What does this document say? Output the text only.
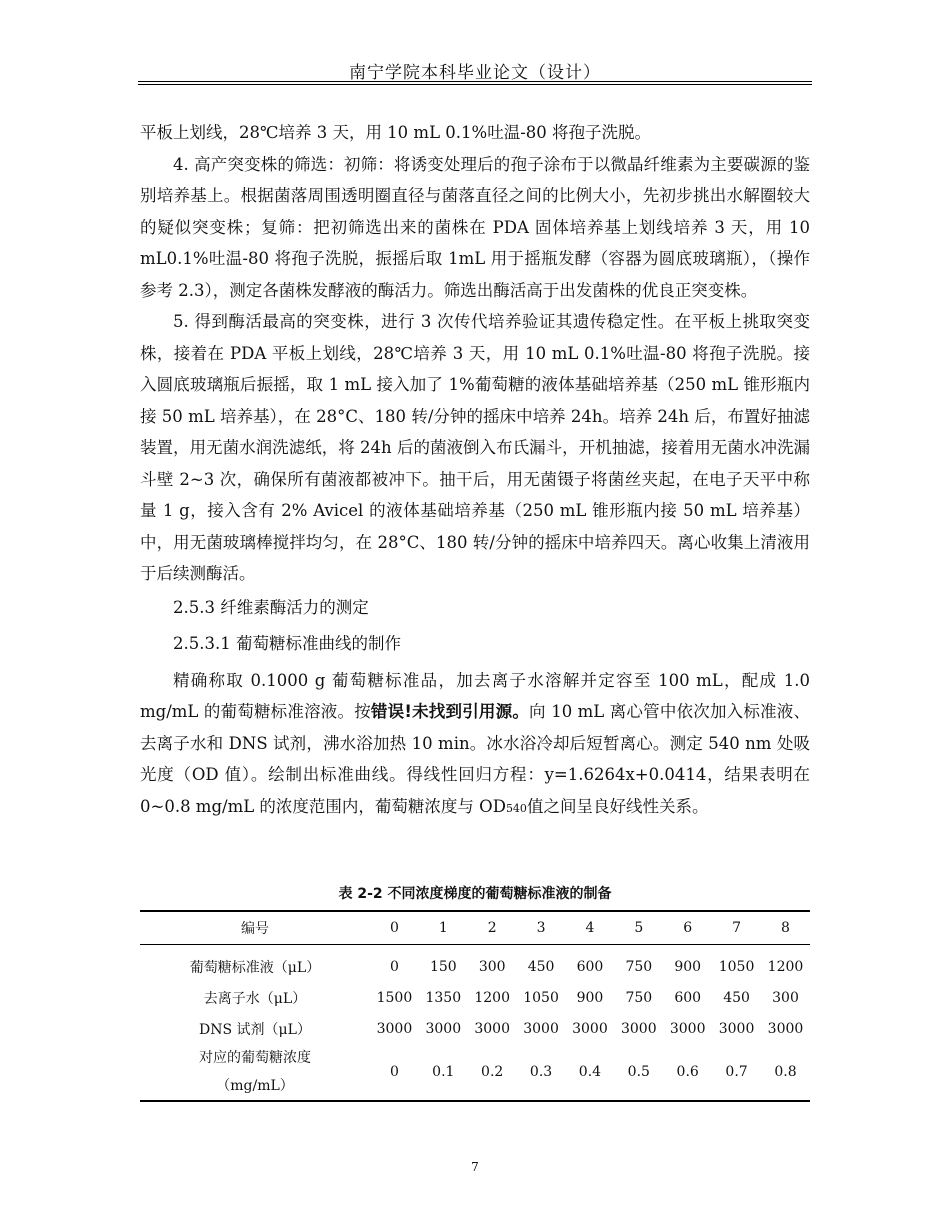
南宁学院本科毕业论文（设计）

平板上划线，28℃培养 3 天，用 10 mL 0.1%吐温-80 将孢子洗脱。

4. 高产突变株的筛选：初筛：将诱变处理后的孢子涂布于以微晶纤维素为主要碳源的鉴别培养基上。根据菌落周围透明圈直径与菌落直径之间的比例大小，先初步挑出水解圈较大的疑似突变株；复筛：把初筛选出来的菌株在 PDA 固体培养基上划线培养 3 天，用 10 mL0.1%吐温-80 将孢子洗脱，振摇后取 1mL 用于摇瓶发酵（容器为圆底玻璃瓶），（操作参考 2.3），测定各菌株发酵液的酶活力。筛选出酶活高于出发菌株的优良正突变株。

5. 得到酶活最高的突变株，进行 3 次传代培养验证其遗传稳定性。在平板上挑取突变株，接着在 PDA 平板上划线，28℃培养 3 天，用 10 mL 0.1%吐温-80 将孢子洗脱。接入圆底玻璃瓶后振摇，取 1 mL 接入加了 1%葡萄糖的液体基础培养基（250 mL 锥形瓶内接 50 mL 培养基），在 28°C、180 转/分钟的摇床中培养 24h。培养 24h 后，布置好抽滤装置，用无菌水润洗滤纸，将 24h 后的菌液倒入布氏漏斗，开机抽滤，接着用无菌水冲洗漏斗壁 2~3 次，确保所有菌液都被冲下。抽干后，用无菌镊子将菌丝夹起，在电子天平中称量 1 g，接入含有 2% Avicel 的液体基础培养基（250 mL 锥形瓶内接 50 mL 培养基）中，用无菌玻璃棒搅拌均匀，在 28°C、180 转/分钟的摇床中培养四天。离心收集上清液用于后续测酶活。

2.5.3 纤维素酶活力的测定

2.5.3.1 葡萄糖标准曲线的制作

精确称取 0.1000 g 葡萄糖标准品，加去离子水溶解并定容至 100 mL，配成 1.0 mg/mL 的葡萄糖标准溶液。按错误!未找到引用源。向 10 mL 离心管中依次加入标准液、去离子水和 DNS 试剂，沸水浴加热 10 min。冰水浴冷却后短暂离心。测定 540 nm 处吸光度（OD 值）。绘制出标准曲线。得线性回归方程：y=1.6264x+0.0414，结果表明在 0~0.8 mg/mL 的浓度范围内，葡萄糖浓度与 OD540值之间呈良好线性关系。

表 2-2 不同浓度梯度的葡萄糖标准液的制备
编号	0	1	2	3	4	5	6	7	8
葡萄糖标准液（μL）	0	150	300	450	600	750	900	1050	1200
去离子水（μL）	1500	1350	1200	1050	900	750	600	450	300
DNS 试剂（μL）	3000	3000	3000	3000	3000	3000	3000	3000	3000

对应的葡萄糖浓度
（mg/mL）	0	0.1	0.2	0.3	0.4	0.5	0.6	0.7	0.8
7
